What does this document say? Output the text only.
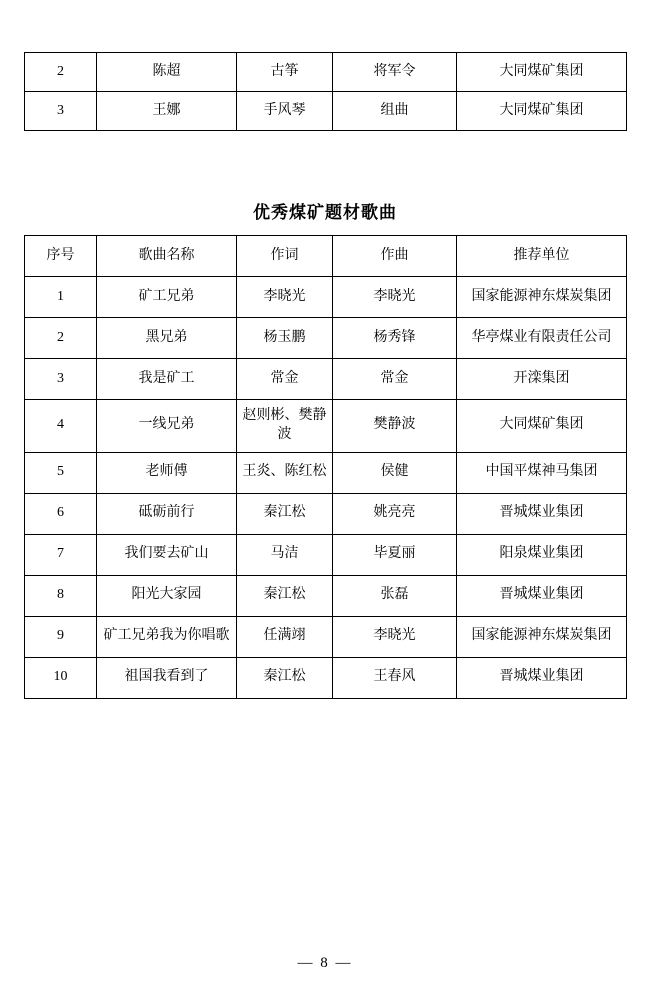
2	陈超	古筝	将军令	大同煤矿集团
3	王娜	手风琴	组曲	大同煤矿集团
优秀煤矿题材歌曲
序号	歌曲名称	作词	作曲	推荐单位
1	矿工兄弟	李晓光	李晓光	国家能源神东煤炭集团
2	黑兄弟	杨玉鹏	杨秀锋	华亭煤业有限责任公司
3	我是矿工	常金	常金	开滦集团
4	一线兄弟	赵则彬、樊静波	樊静波	大同煤矿集团
5	老师傅	王炎、陈红松	侯健	中国平煤神马集团
6	砥砺前行	秦江松	姚亮亮	晋城煤业集团
7	我们要去矿山	马洁	毕夏丽	阳泉煤业集团
8	阳光大家园	秦江松	张磊	晋城煤业集团
9	矿工兄弟我为你唱歌	任满翊	李晓光	国家能源神东煤炭集团
10	祖国我看到了	秦江松	王春风	晋城煤业集团
— 8 —
